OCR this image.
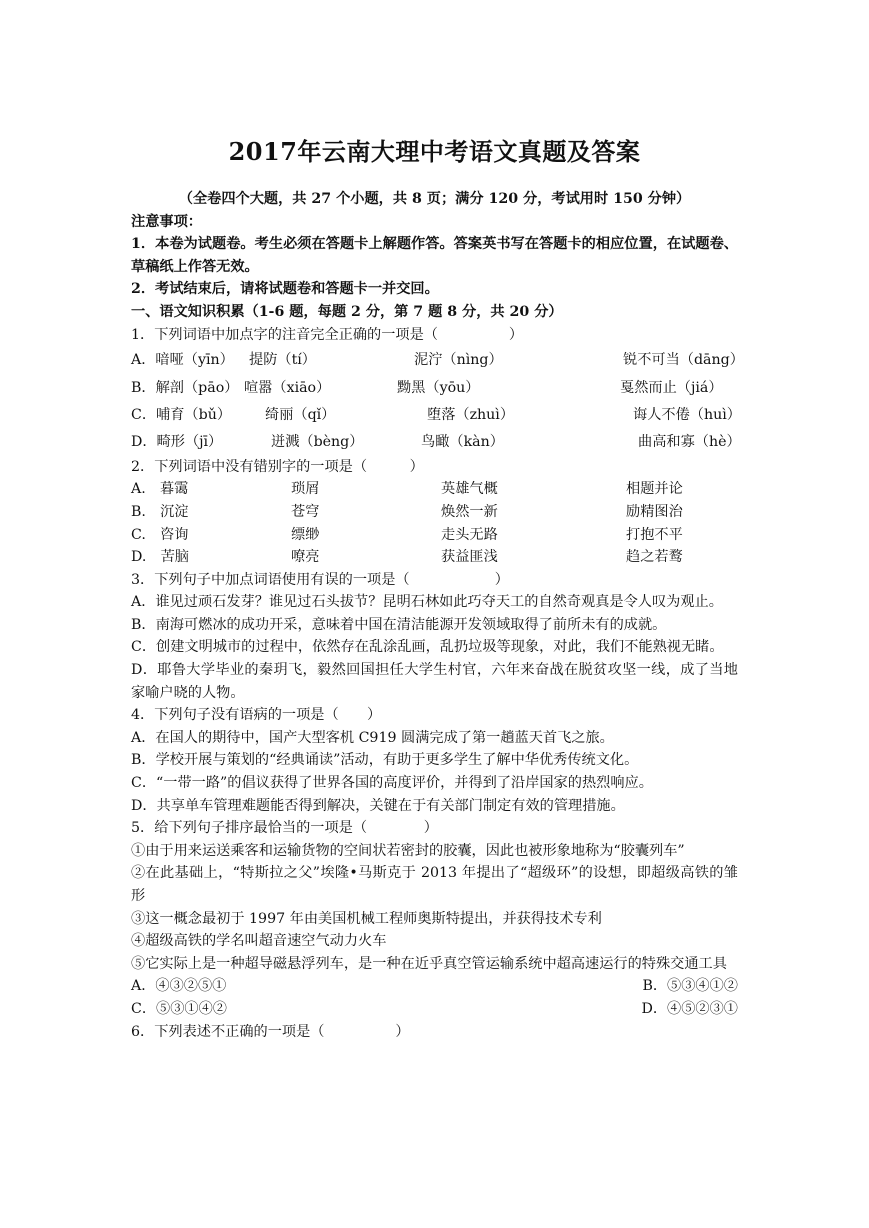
2017年云南大理中考语文真题及答案
（全卷四个大题，共 27 个小题，共 8 页；满分 120 分，考试用时 150 分钟）
注意事项：
1．本卷为试题卷。考生必须在答题卡上解题作答。答案英书写在答题卡的相应位置，在试题卷、草稿纸上作答无效。
2．考试结束后，请将试题卷和答题卡一并交回。
一、语文知识积累（1-6 题，每题 2 分，第 7 题 8 分，共 20 分）
1．下列词语中加点字的注音完全正确的一项是（　　　　　）
A．喑哑（yīn） 提防（tí）	泥泞（nìng）	锐不可当（dāng）
B．解剖（pāo） 喧嚣（xiāo）	黝黑（yōu）	戛然而止（jiá）
C．哺育（bǔ） 绮丽（qǐ）	堕落（zhuì）	诲人不倦（huì）
D．畸形（jī）	迸溅（bèng）	鸟瞰（kàn）	曲高和寡（hè）
2．下列词语中没有错别字的一项是（　　　）
A.　暮霭	琐屑	英雄气概	相题并论
B.　沉淀	苍穹	焕然一新	励精图治
C.　咨询	缥缈	走头无路	打抱不平
D.　苦脑	嘹亮	获益匪浅	趋之若鹜
3．下列句子中加点词语使用有误的一项是（　　　　　　）
A．谁见过顽石发芽？谁见过石头拔节？昆明石林如此巧夺天工的自然奇观真是令人叹为观止。
B．南海可燃冰的成功开采，意味着中国在清洁能源开发领域取得了前所未有的成就。
C．创建文明城市的过程中，依然存在乱涂乱画，乱扔垃圾等现象，对此，我们不能熟视无睹。
D．耶鲁大学毕业的秦玥飞，毅然回国担任大学生村官，六年来奋战在脱贫攻坚一线，成了当地家喻户晓的人物。
4．下列句子没有语病的一项是（　　）
A．在国人的期待中，国产大型客机 C919 圆满完成了第一趟蓝天首飞之旅。
B．学校开展与策划的“经典诵读”活动，有助于更多学生了解中华优秀传统文化。
C．“一带一路”的倡议获得了世界各国的高度评价，并得到了沿岸国家的热烈响应。
D．共享单车管理难题能否得到解决，关键在于有关部门制定有效的管理措施。
5．给下列句子排序最恰当的一项是（　　　　）
①由于用来运送乘客和运输货物的空间状若密封的胶囊，因此也被形象地称为“胶囊列车”
②在此基础上，“特斯拉之父”埃隆•马斯克于 2013 年提出了“超级环”的设想，即超级高铁的雏形
③这一概念最初于 1997 年由美国机械工程师奥斯特提出，并获得技术专利
④超级高铁的学名叫超音速空气动力火车
⑤它实际上是一种超导磁悬浮列车，是一种在近乎真空管运输系统中超高速运行的特殊交通工具
A．④③②⑤①	B．⑤③④①②
C．⑤③①④②	D．④⑤②③①
6．下列表述不正确的一项是（　　　　　）
